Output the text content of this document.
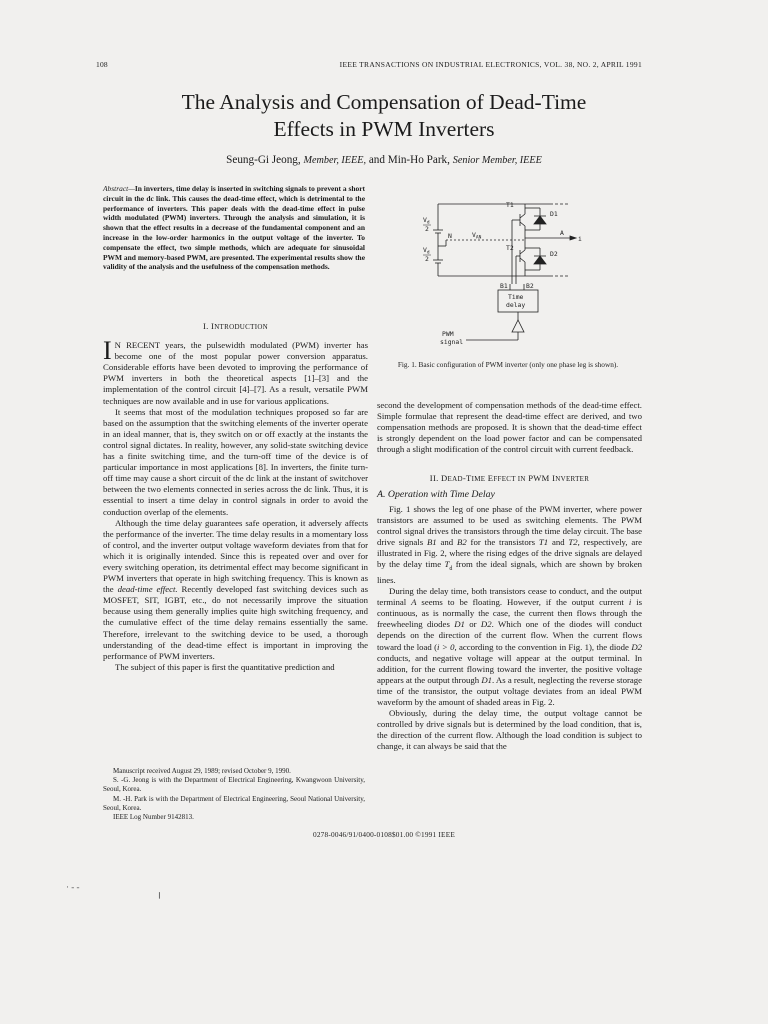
108	IEEE TRANSACTIONS ON INDUSTRIAL ELECTRONICS, VOL. 38, NO. 2, APRIL 1991
The Analysis and Compensation of Dead-Time
Effects in PWM Inverters
Seung-Gi Jeong, Member, IEEE, and Min-Ho Park, Senior Member, IEEE
Abstract—In inverters, time delay is inserted in switching signals to prevent a short circuit in the dc link. This causes the dead-time effect, which is detrimental to the performance of inverters. This paper deals with the dead-time effect in pulse width modulated (PWM) inverters. Through the analysis and simulation, it is shown that the effect results in a decrease of the fundamental component and an increase in the low-order harmonics in the output voltage of the inverter. To compensate the effect, two simple methods, which are adequate for sinusoidal PWM and memory-based PWM, are presented. The experimental results show the validity of the analysis and the usefulness of the compensation methods.

I. INTRODUCTION

I N RECENT years, the pulsewidth modulated (PWM) inverter has become one of the most popular power conversion apparatus. Considerable efforts have been devoted to improving the performance of PWM inverters in both the theoretical aspects [1]–[3] and the implementation of the control circuit [4]–[7]. As a result, versatile PWM techniques are now available and in use for various applications.

It seems that most of the modulation techniques proposed so far are based on the assumption that the switching elements of the inverter operate in an ideal manner, that is, they switch on or off exactly at the instants the control signal dictates. In reality, however, any solid-state switching device has a finite switching time, and the turn-off time of the device is of particular importance in most applications [8]. In inverters, the finite turn-off time may cause a short circuit of the dc link at the instant of switchover between the two elements connected in series across the dc link. Thus, it is essential to insert a time delay in control signals in order to avoid the conduction overlap of the elements.

Although the time delay guarantees safe operation, it adversely affects the performance of the inverter. The time delay results in a momentary loss of control, and the inverter output voltage waveform deviates from that for which it is originally intended. Since this is repeated over and over for every switching operation, its detrimental effect may become significant in PWM inverters that operate in high switching frequency. This is known as the dead-time effect. Recently developed fast switching devices such as MOSFET, SIT, IGBT, etc., do not necessarily improve the situation because using them generally implies quite high switching frequency, and the cumulative effect of the time delay remains essentially the same. Therefore, irrelevant to the switching device to be used, a thorough understanding of the dead-time effect is important in improving the performance of PWM inverters.

The subject of this paper is first the quantitative prediction and

Manuscript received August 29, 1989; revised October 9, 1990.

S. -G. Jeong is with the Department of Electrical Engineering, Kwangwoon University, Seoul, Korea.

M. -H. Park is with the Department of Electrical Engineering, Seoul National University, Seoul, Korea.

IEEE Log Number 9142813.

T1
D1
T2
D2
N	$V_{AN}$
A
i
$V_d$
2
$V_d$
2
B1	B2
Time
delay
PWM
signal
Fig. 1. Basic configuration of PWM inverter (only one phase leg is shown).

second the development of compensation methods of the dead-time effect. Simple formulae that represent the dead-time effect are derived, and two compensation methods are proposed. It is shown that the dead-time effect is strongly dependent on the load power factor and can be compensated through a slight modification of the control circuit with current feedback.

II. DEAD-TIME EFFECT IN PWM INVERTER

A. Operation with Time Delay

Fig. 1 shows the leg of one phase of the PWM inverter, where power transistors are assumed to be used as switching elements. The PWM control signal drives the transistors through the time delay circuit. The base drive signals B1 and B2 for the transistors T1 and T2, respectively, are illustrated in Fig. 2, where the rising edges of the drive signals are delayed by the delay time $T_d$ from the ideal signals, which are shown by broken lines.

During the delay time, both transistors cease to conduct, and the output terminal A seems to be floating. However, if the output current i is continuous, as is normally the case, the current then flows through the freewheeling diodes D1 or D2. Which one of the diodes will conduct depends on the direction of the current flow. When the current flows toward the load (i > 0, according to the convention in Fig. 1), the diode D2 conducts, and negative voltage will appear at the output terminal. In addition, for the current flowing toward the inverter, the positive voltage appears at the output through D1. As a result, neglecting the reverse storage time of the transistor, the output voltage deviates from an ideal PWM waveform by the amount of shaded areas in Fig. 2.

Obviously, during the delay time, the output voltage cannot be controlled by drive signals but is determined by the load condition, that is, the direction of the current flow. Although the load condition is subject to change, it can always be said that the

0278-0046/91/0400-0108$01.00 ©1991 IEEE
· - -	╷
